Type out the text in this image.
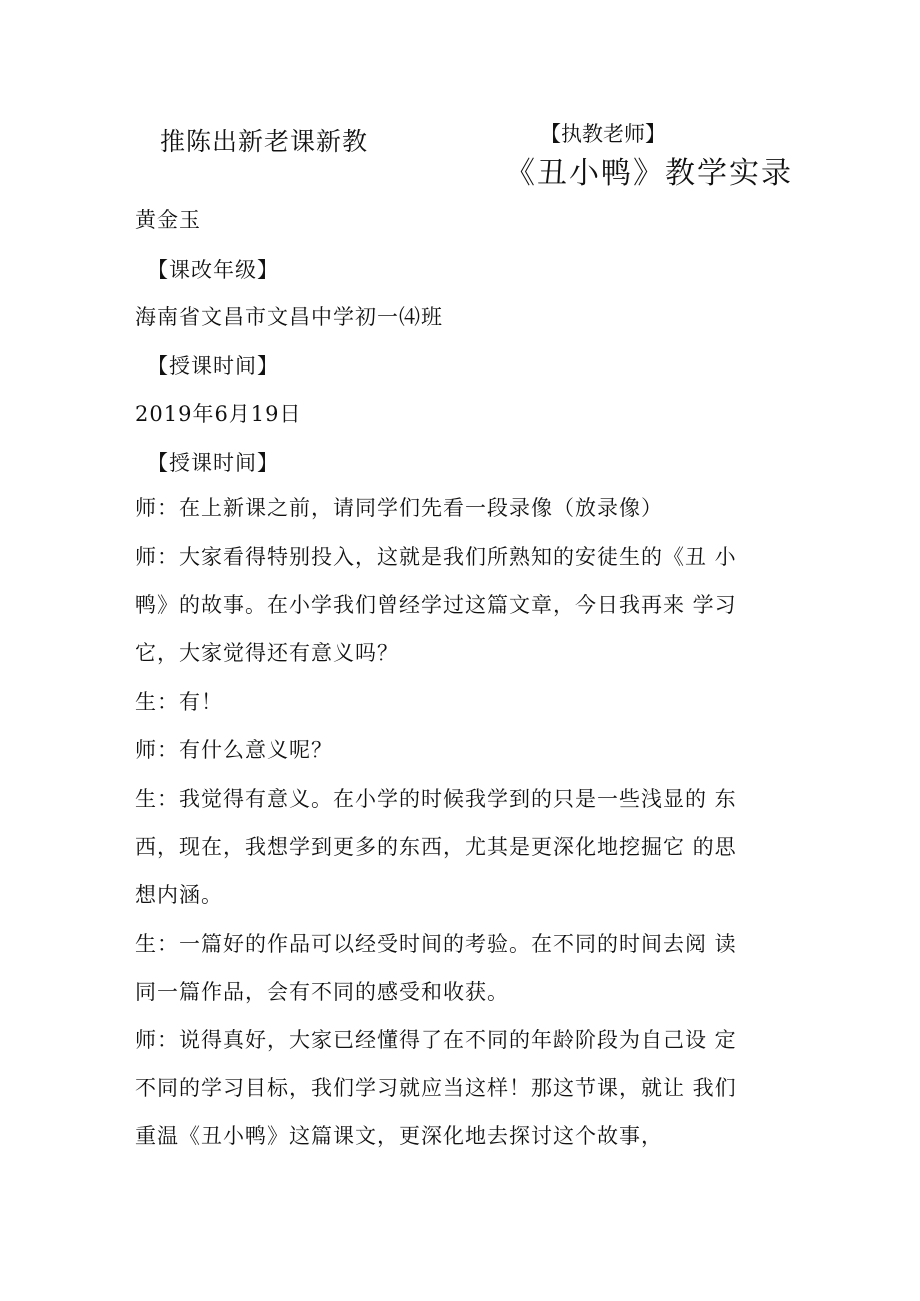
推陈出新老课新教	【执教老师】
《丑小鸭》教学实录
黄金玉
【课改年级】
海南省文昌市文昌中学初一⑷班
【授课时间】
2019年6月19日
【授课时间】
师：在上新课之前，请同学们先看一段录像（放录像）
师：大家看得特别投入，这就是我们所熟知的安徒生的《丑 小
鸭》的故事。在小学我们曾经学过这篇文章，今日我再来 学习
它，大家觉得还有意义吗？
生：有！
师：有什么意义呢？
生：我觉得有意义。在小学的时候我学到的只是一些浅显的 东
西，现在，我想学到更多的东西，尤其是更深化地挖掘它 的思
想内涵。
生：一篇好的作品可以经受时间的考验。在不同的时间去阅 读
同一篇作品，会有不同的感受和收获。
师：说得真好，大家已经懂得了在不同的年龄阶段为自己设 定
不同的学习目标，我们学习就应当这样！那这节课，就让 我们
重温《丑小鸭》这篇课文，更深化地去探讨这个故事，
